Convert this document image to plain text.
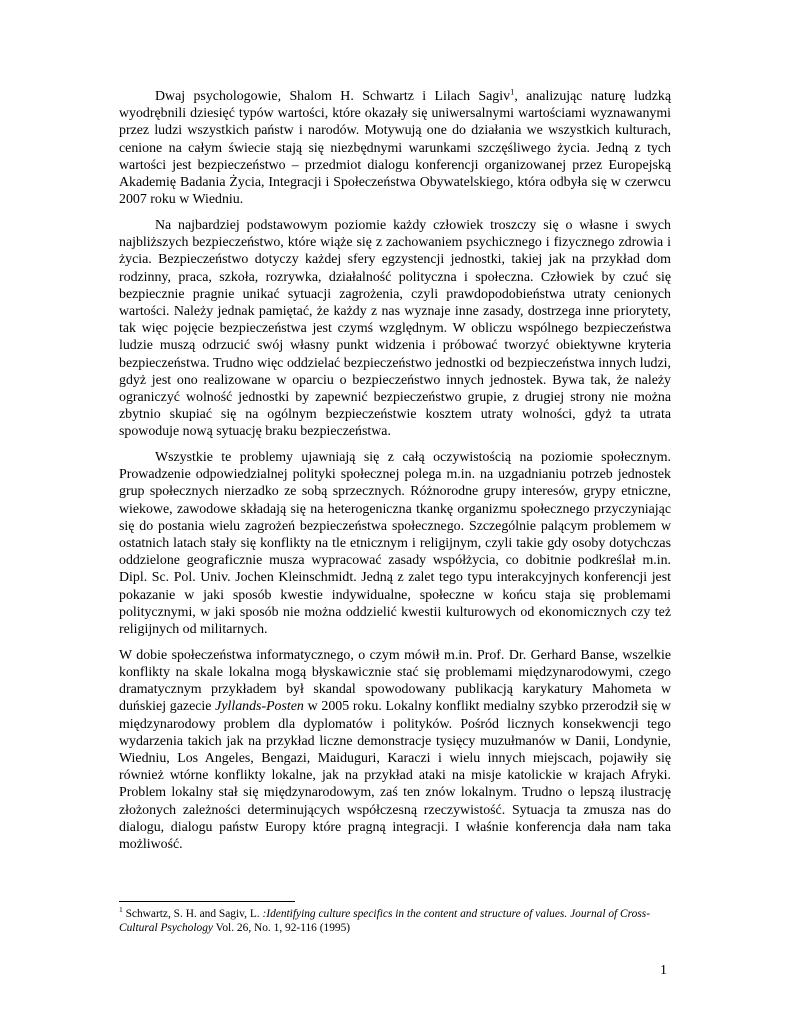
Dwaj psychologowie, Shalom H. Schwartz i Lilach Sagiv$^1$, analizując naturę ludzką wyodrębnili dziesięć typów wartości, które okazały się uniwersalnymi wartościami wyznawanymi przez ludzi wszystkich państw i narodów. Motywują one do działania we wszystkich kulturach, cenione na całym świecie stają się niezbędnymi warunkami szczęśliwego życia. Jedną z tych wartości jest bezpieczeństwo – przedmiot dialogu konferencji organizowanej przez Europejską Akademię Badania Życia, Integracji i Społeczeństwa Obywatelskiego, która odbyła się w czerwcu 2007 roku w Wiedniu.

Na najbardziej podstawowym poziomie każdy człowiek troszczy się o własne i swych najbliższych bezpieczeństwo, które wiąże się z zachowaniem psychicznego i fizycznego zdrowia i życia. Bezpieczeństwo dotyczy każdej sfery egzystencji jednostki, takiej jak na przykład dom rodzinny, praca, szkoła, rozrywka, działalność polityczna i społeczna. Człowiek by czuć się bezpiecznie pragnie unikać sytuacji zagrożenia, czyli prawdopodobieństwa utraty cenionych wartości. Należy jednak pamiętać, że każdy z nas wyznaje inne zasady, dostrzega inne priorytety, tak więc pojęcie bezpieczeństwa jest czymś względnym. W obliczu wspólnego bezpieczeństwa ludzie muszą odrzucić swój własny punkt widzenia i próbować tworzyć obiektywne kryteria bezpieczeństwa. Trudno więc oddzielać bezpieczeństwo jednostki od bezpieczeństwa innych ludzi, gdyż jest ono realizowane w oparciu o bezpieczeństwo innych jednostek. Bywa tak, że należy ograniczyć wolność jednostki by zapewnić bezpieczeństwo grupie, z drugiej strony nie można zbytnio skupiać się na ogólnym bezpieczeństwie kosztem utraty wolności, gdyż ta utrata spowoduje nową sytuację braku bezpieczeństwa.

Wszystkie te problemy ujawniają się z całą oczywistością na poziomie społecznym. Prowadzenie odpowiedzialnej polityki społecznej polega m.in. na uzgadnianiu potrzeb jednostek grup społecznych nierzadko ze sobą sprzecznych. Różnorodne grupy interesów, grypy etniczne, wiekowe, zawodowe składają się na heterogeniczna tkankę organizmu społecznego przyczyniając się do postania wielu zagrożeń bezpieczeństwa społecznego. Szczególnie palącym problemem w ostatnich latach stały się konflikty na tle etnicznym i religijnym, czyli takie gdy osoby dotychczas oddzielone geograficznie musza wypracować zasady współżycia, co dobitnie podkreślał m.in. Dipl. Sc. Pol. Univ. Jochen Kleinschmidt. Jedną z zalet tego typu interakcyjnych konferencji jest pokazanie w jaki sposób kwestie indywidualne, społeczne w końcu staja się problemami politycznymi, w jaki sposób nie można oddzielić kwestii kulturowych od ekonomicznych czy też religijnych od militarnych.

W dobie społeczeństwa informatycznego, o czym mówił m.in. Prof. Dr. Gerhard Banse, wszelkie konflikty na skale lokalna mogą błyskawicznie stać się problemami międzynarodowymi, czego dramatycznym przykładem był skandal spowodowany publikacją karykatury Mahometa w duńskiej gazecie Jyllands-Posten w 2005 roku. Lokalny konflikt medialny szybko przerodził się w międzynarodowy problem dla dyplomatów i polityków. Pośród licznych konsekwencji tego wydarzenia takich jak na przykład liczne demonstracje tysięcy muzułmanów w Danii, Londynie, Wiedniu, Los Angeles, Bengazi, Maiduguri, Karaczi i wielu innych miejscach, pojawiły się również wtórne konflikty lokalne, jak na przykład ataki na misje katolickie w krajach Afryki. Problem lokalny stał się międzynarodowym, zaś ten znów lokalnym. Trudno o lepszą ilustrację złożonych zależności determinujących współczesną rzeczywistość. Sytuacja ta zmusza nas do dialogu, dialogu państw Europy które pragną integracji. I właśnie konferencja dała nam taka możliwość.

$^1$ Schwartz, S. H. and Sagiv, L. :Identifying culture specifics in the content and structure of values. Journal of Cross-Cultural Psychology Vol. 26, No. 1, 92-116 (1995)
1
